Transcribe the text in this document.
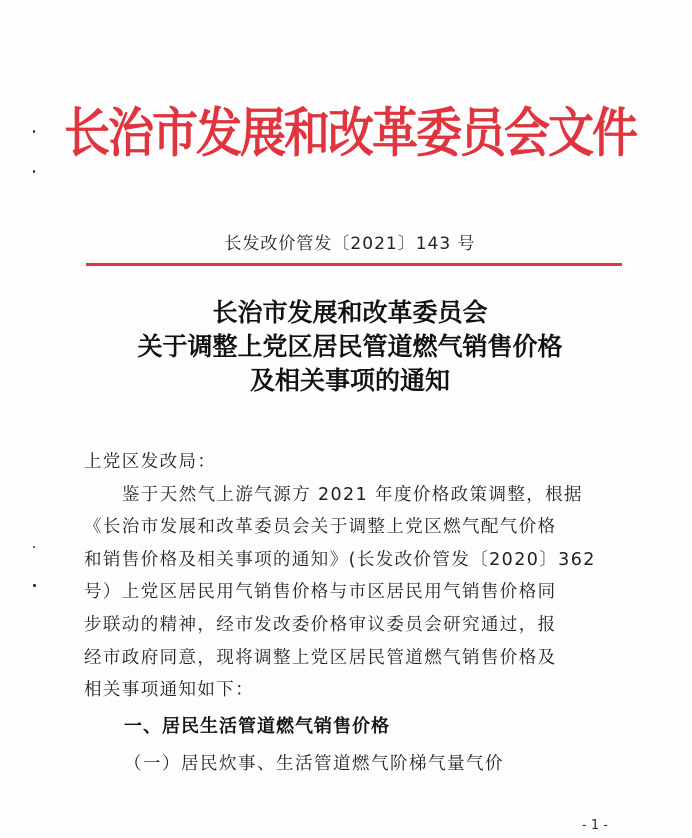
长治市发展和改革委员会文件
长发改价管发〔2021〕143 号
长治市发展和改革委员会
关于调整上党区居民管道燃气销售价格
及相关事项的通知
上党区发改局：
鉴于天然气上游气源方 2021 年度价格政策调整，根据
《长治市发展和改革委员会关于调整上党区燃气配气价格
和销售价格及相关事项的通知》(长发改价管发〔2020〕362
号）上党区居民用气销售价格与市区居民用气销售价格同
步联动的精神，经市发改委价格审议委员会研究通过，报
经市政府同意，现将调整上党区居民管道燃气销售价格及
相关事项通知如下：
一、居民生活管道燃气销售价格
（一）居民炊事、生活管道燃气阶梯气量气价
- 1 -
